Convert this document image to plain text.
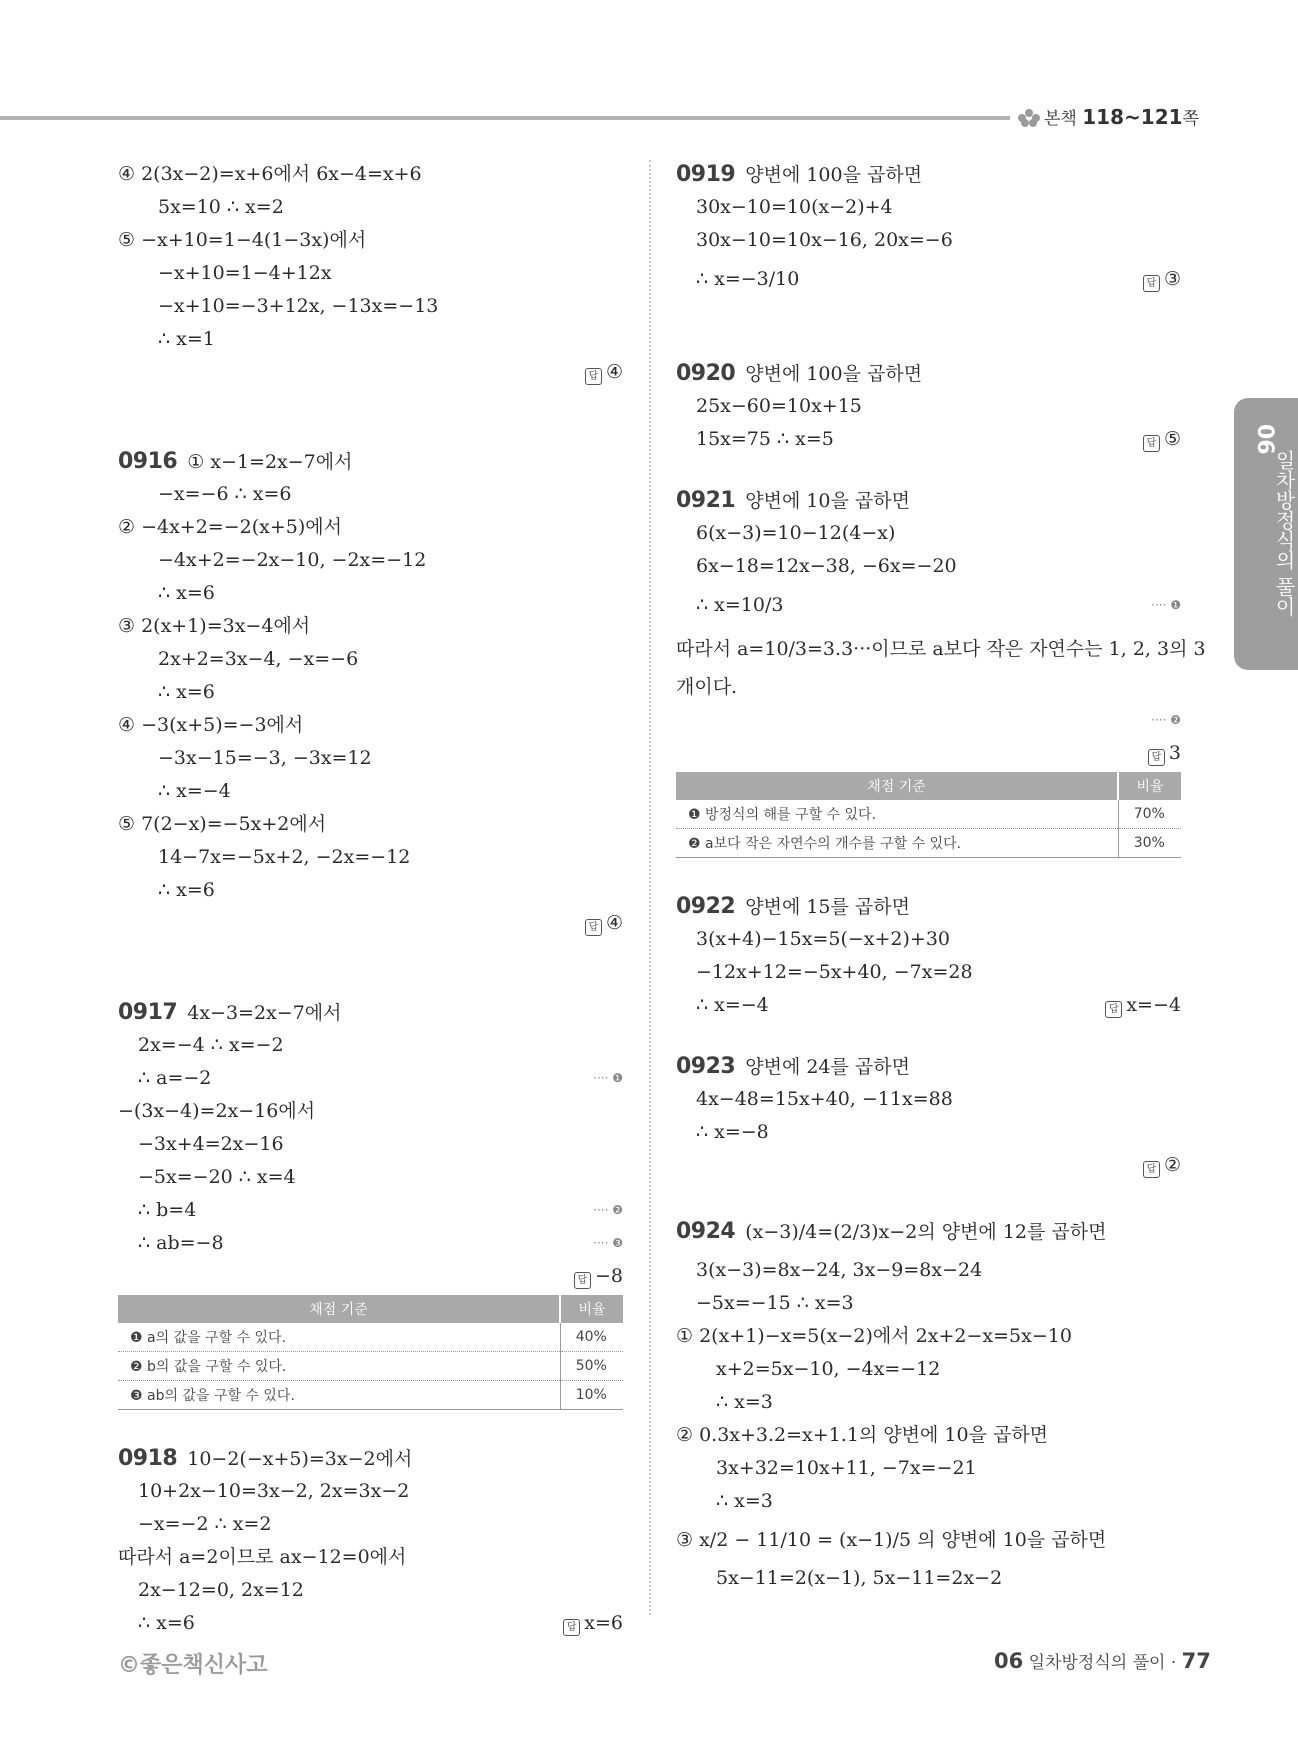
본책 118~121쪽
④ 2(3x−2)=x+6에서 6x−4=x+6
5x=10 ∴ x=2
⑤ −x+10=1−4(1−3x)에서
−x+10=1−4+12x
−x+10=−3+12x, −13x=−13
∴ x=1
답 ④
0916 ① x−1=2x−7에서
−x=−6 ∴ x=6
② −4x+2=−2(x+5)에서
−4x+2=−2x−10, −2x=−12
∴ x=6
③ 2(x+1)=3x−4에서
2x+2=3x−4, −x=−6
∴ x=6
④ −3(x+5)=−3에서
−3x−15=−3, −3x=12
∴ x=−4
⑤ 7(2−x)=−5x+2에서
14−7x=−5x+2, −2x=−12
∴ x=6
답 ④
0917 4x−3=2x−7에서
2x=−4 ∴ x=−2
∴ a=−2	···· ❶
−(3x−4)=2x−16에서
−3x+4=2x−16
−5x=−20 ∴ x=4
∴ b=4	···· ❷
∴ ab=−8	···· ❸
답 −8
채점 기준	비율
❶ a의 값을 구할 수 있다.	40%
❷ b의 값을 구할 수 있다.	50%
❸ ab의 값을 구할 수 있다.	10%
0918 10−2(−x+5)=3x−2에서
10+2x−10=3x−2, 2x=3x−2
−x=−2 ∴ x=2
따라서 a=2이므로 ax−12=0에서
2x−12=0, 2x=12
∴ x=6	답 x=6
0919 양변에 100을 곱하면
30x−10=10(x−2)+4
30x−10=10x−16, 20x=−6
∴ x=−3/10	답 ③
0920 양변에 100을 곱하면
25x−60=10x+15
15x=75 ∴ x=5	답 ⑤
0921 양변에 10을 곱하면
6(x−3)=10−12(4−x)
6x−18=12x−38, −6x=−20
∴ x=10/3	···· ❶
따라서 a=10/3=3.3···이므로 a보다 작은 자연수는 1, 2, 3의 3
개이다.
···· ❷
답 3
채점 기준	비율
❶ 방정식의 해를 구할 수 있다.	70%
❷ a보다 작은 자연수의 개수를 구할 수 있다.	30%
0922 양변에 15를 곱하면
3(x+4)−15x=5(−x+2)+30
−12x+12=−5x+40, −7x=28
∴ x=−4	답 x=−4
0923 양변에 24를 곱하면
4x−48=15x+40, −11x=88
∴ x=−8
답 ②
0924 (x−3)/4=(2/3)x−2의 양변에 12를 곱하면
3(x−3)=8x−24, 3x−9=8x−24
−5x=−15 ∴ x=3
① 2(x+1)−x=5(x−2)에서 2x+2−x=5x−10
x+2=5x−10, −4x=−12
∴ x=3
② 0.3x+3.2=x+1.1의 양변에 10을 곱하면
3x+32=10x+11, −7x=−21
∴ x=3
③ x/2 − 11/10 = (x−1)/5 의 양변에 10을 곱하면
5x−11=2(x−1), 5x−11=2x−2
06
일차방정식의 풀이
©좋은책신사고	06 일차방정식의 풀이 · 77
